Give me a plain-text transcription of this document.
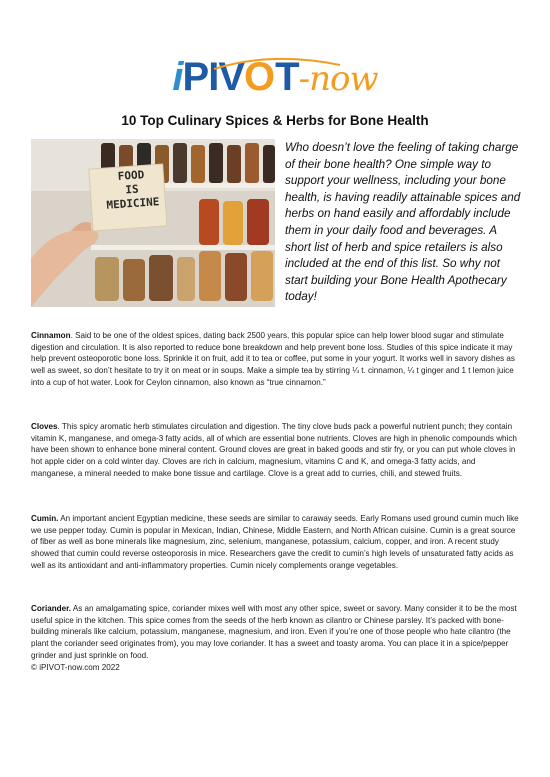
iPIVOT-now
10 Top Culinary Spices & Herbs for Bone Health
FOOD
IS
MEDICINE
Who doesn’t love the feeling of taking charge of their bone health? One simple way to support your wellness, including your bone health, is having readily attainable spices and herbs on hand easily and affordably include them in your daily food and beverages. A short list of herb and spice retailers is also included at the end of this list. So why not start building your Bone Health Apothecary today!

Cinnamon. Said to be one of the oldest spices, dating back 2500 years, this popular spice can help lower blood sugar and stimulate digestion and circulation. It is also reported to reduce bone breakdown and help prevent bone loss. Studies of this spice indicate it may help prevent osteoporotic bone loss. Sprinkle it on fruit, add it to tea or coffee, put some in your yogurt. It works well in savory dishes as well as sweet, so don’t hesitate to try it on meat or in soups. Make a simple tea by stirring ¼ t. cinnamon, ¼ t ginger and 1 t lemon juice into a cup of hot water. Look for Ceylon cinnamon, also known as “true cinnamon.”

Cloves. This spicy aromatic herb stimulates circulation and digestion. The tiny clove buds pack a powerful nutrient punch; they contain vitamin K, manganese, and omega-3 fatty acids, all of which are essential bone nutrients. Cloves are high in phenolic compounds which have been shown to enhance bone mineral content. Ground cloves are great in baked goods and stir fry, or you can put whole cloves in hot apple cider on a cold winter day. Cloves are rich in calcium, magnesium, vitamins C and K, and omega-3 fatty acids, and manganese, a mineral needed to make bone tissue and cartilage. Clove is a great add to curries, chili, and stewed fruits.

Cumin. An important ancient Egyptian medicine, these seeds are similar to caraway seeds. Early Romans used ground cumin much like we use pepper today. Cumin is popular in Mexican, Indian, Chinese, Middle Eastern, and North African cuisine. Cumin is a great source of fiber as well as bone minerals like magnesium, zinc, selenium, manganese, potassium, calcium, copper, and iron. A recent study showed that cumin could reverse osteoporosis in mice. Researchers gave the credit to cumin’s high levels of unsaturated fatty acids as well as its antioxidant and anti-inflammatory properties. Cumin nicely complements orange vegetables.

Coriander. As an amalgamating spice, coriander mixes well with most any other spice, sweet or savory. Many consider it to be the most useful spice in the kitchen. This spice comes from the seeds of the herb known as cilantro or Chinese parsley. It’s packed with bone-building minerals like calcium, potassium, manganese, magnesium, and iron. Even if you’re one of those people who hate cilantro (the plant the coriander seed originates from), you may love coriander. It has a sweet and toasty aroma. You can place it in a spice/pepper grinder and just sprinkle on food.

© iPIVOT-now.com 2022
